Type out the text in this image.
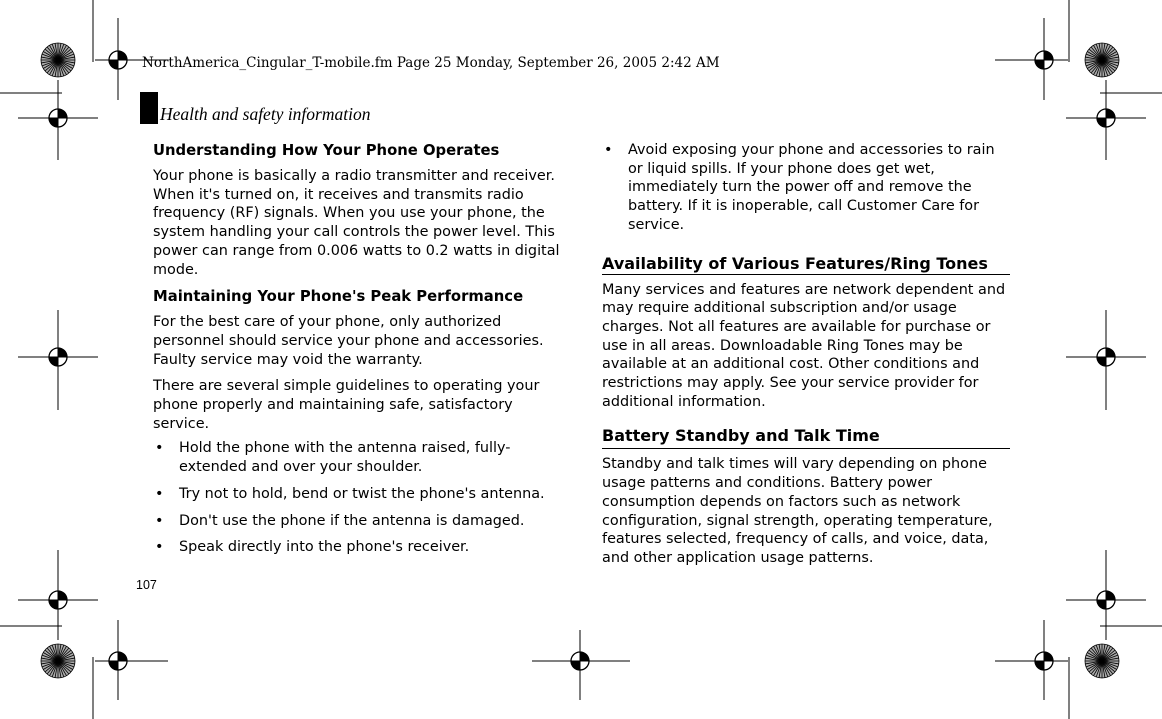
NorthAmerica_Cingular_T-mobile.fm Page 25 Monday, September 26, 2005 2:42 AM
Health and safety information
Understanding How Your Phone Operates

Your phone is basically a radio transmitter and receiver. When it's turned on, it receives and transmits radio frequency (RF) signals. When you use your phone, the system handling your call controls the power level. This power can range from 0.006 watts to 0.2 watts in digital mode.

Maintaining Your Phone's Peak Performance

For the best care of your phone, only authorized personnel should service your phone and accessories. Faulty service may void the warranty.

There are several simple guidelines to operating your phone properly and maintaining safe, satisfactory service.

• Hold the phone with the antenna raised, fully-extended and over your shoulder.
• Try not to hold, bend or twist the phone's antenna.
• Don't use the phone if the antenna is damaged.
• Speak directly into the phone's receiver.
• Avoid exposing your phone and accessories to rain or liquid spills. If your phone does get wet, immediately turn the power off and remove the battery. If it is inoperable, call Customer Care for service.
Availability of Various Features/Ring Tones

Many services and features are network dependent and may require additional subscription and/or usage charges. Not all features are available for purchase or use in all areas. Downloadable Ring Tones may be available at an additional cost. Other conditions and restrictions may apply. See your service provider for additional information.

Battery Standby and Talk Time

Standby and talk times will vary depending on phone usage patterns and conditions. Battery power consumption depends on factors such as network configuration, signal strength, operating temperature, features selected, frequency of calls, and voice, data, and other application usage patterns.

107
